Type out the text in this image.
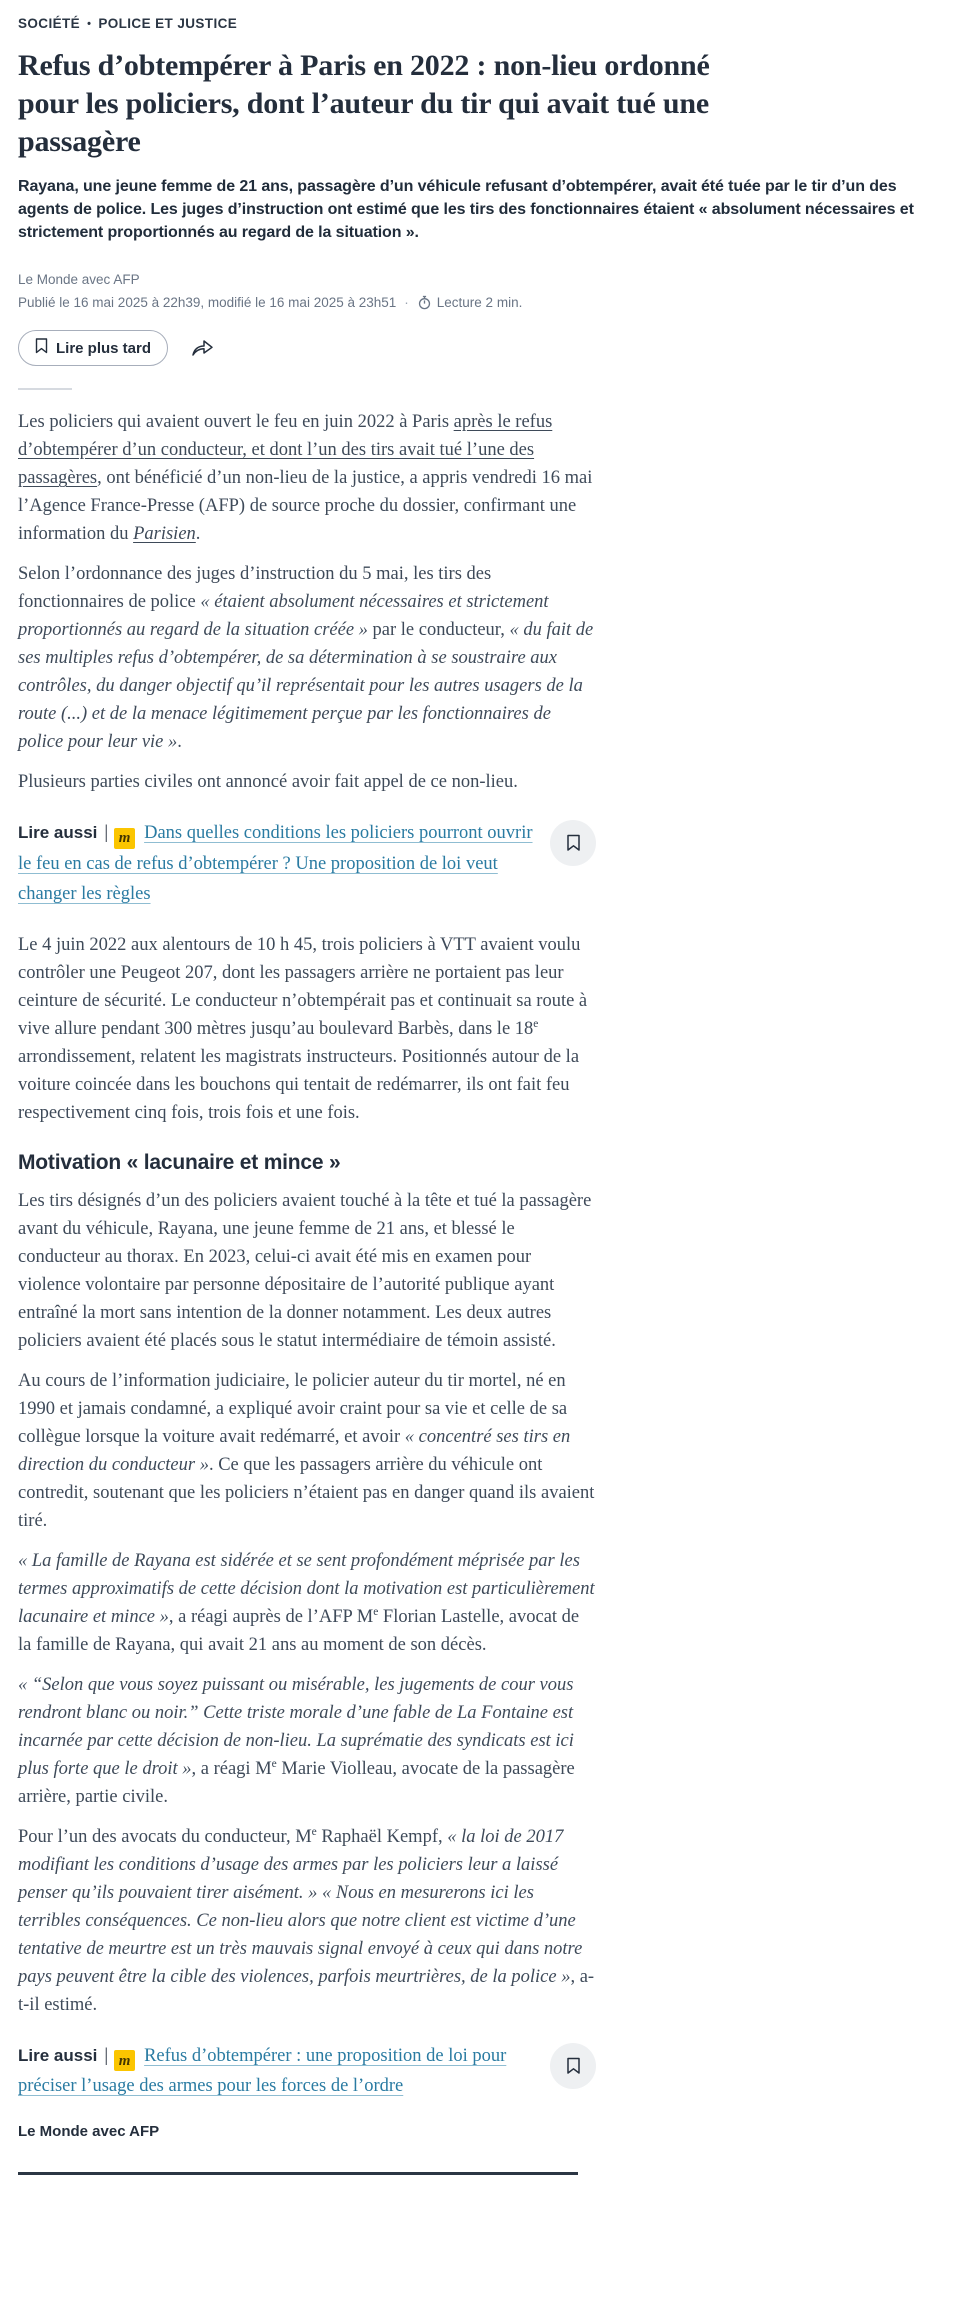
SOCIÉTÉ • POLICE ET JUSTICE
Refus d’obtempérer à Paris en 2022 : non-lieu ordonné pour les policiers, dont l’auteur du tir qui avait tué une passagère

Rayana, une jeune femme de 21 ans, passagère d’un véhicule refusant d’obtempérer, avait été tuée par le tir d’un des agents de police. Les juges d’instruction ont estimé que les tirs des fonctionnaires étaient « absolument nécessaires et strictement proportionnés au regard de la situation ».

Le Monde avec AFP

Publié le 16 mai 2025 à 22h39, modifié le 16 mai 2025 à 23h51 · Lecture 2 min.
Lire plus tard

Les policiers qui avaient ouvert le feu en juin 2022 à Paris après le refus d’obtempérer d’un conducteur, et dont l’un des tirs avait tué l’une des passagères, ont bénéficié d’un non-lieu de la justice, a appris vendredi 16 mai l’Agence France-Presse (AFP) de source proche du dossier, confirmant une information du Parisien.

Selon l’ordonnance des juges d’instruction du 5 mai, les tirs des fonctionnaires de police « étaient absolument nécessaires et strictement proportionnés au regard de la situation créée » par le conducteur, « du fait de ses multiples refus d’obtempérer, de sa détermination à se soustraire aux contrôles, du danger objectif qu’il représentait pour les autres usagers de la route (...) et de la menace légitimement perçue par les fonctionnaires de police pour leur vie ».

Plusieurs parties civiles ont annoncé avoir fait appel de ce non-lieu.

Lire aussi | m Dans quelles conditions les policiers pourront ouvrir le feu en cas de refus d’obtempérer ? Une proposition de loi veut changer les règles

Le 4 juin 2022 aux alentours de 10 h 45, trois policiers à VTT avaient voulu contrôler une Peugeot 207, dont les passagers arrière ne portaient pas leur ceinture de sécurité. Le conducteur n’obtempérait pas et continuait sa route à vive allure pendant 300 mètres jusqu’au boulevard Barbès, dans le 18e arrondissement, relatent les magistrats instructeurs. Positionnés autour de la voiture coincée dans les bouchons qui tentait de redémarrer, ils ont fait feu respectivement cinq fois, trois fois et une fois.

Motivation « lacunaire et mince »

Les tirs désignés d’un des policiers avaient touché à la tête et tué la passagère avant du véhicule, Rayana, une jeune femme de 21 ans, et blessé le conducteur au thorax. En 2023, celui-ci avait été mis en examen pour violence volontaire par personne dépositaire de l’autorité publique ayant entraîné la mort sans intention de la donner notamment. Les deux autres policiers avaient été placés sous le statut intermédiaire de témoin assisté.

Au cours de l’information judiciaire, le policier auteur du tir mortel, né en 1990 et jamais condamné, a expliqué avoir craint pour sa vie et celle de sa collègue lorsque la voiture avait redémarré, et avoir « concentré ses tirs en direction du conducteur ». Ce que les passagers arrière du véhicule ont contredit, soutenant que les policiers n’étaient pas en danger quand ils avaient tiré.

« La famille de Rayana est sidérée et se sent profondément méprisée par les termes approximatifs de cette décision dont la motivation est particulièrement lacunaire et mince », a réagi auprès de l’AFP Me Florian Lastelle, avocat de la famille de Rayana, qui avait 21 ans au moment de son décès.

« “Selon que vous soyez puissant ou misérable, les jugements de cour vous rendront blanc ou noir.” Cette triste morale d’une fable de La Fontaine est incarnée par cette décision de non-lieu. La suprématie des syndicats est ici plus forte que le droit », a réagi Me Marie Violleau, avocate de la passagère arrière, partie civile.

Pour l’un des avocats du conducteur, Me Raphaël Kempf, « la loi de 2017 modifiant les conditions d’usage des armes par les policiers leur a laissé penser qu’ils pouvaient tirer aisément. » « Nous en mesurerons ici les terribles conséquences. Ce non-lieu alors que notre client est victime d’une tentative de meurtre est un très mauvais signal envoyé à ceux qui dans notre pays peuvent être la cible des violences, parfois meurtrières, de la police », a-t-il estimé.

Lire aussi | m Refus d’obtempérer : une proposition de loi pour préciser l’usage des armes pour les forces de l’ordre

Le Monde avec AFP
